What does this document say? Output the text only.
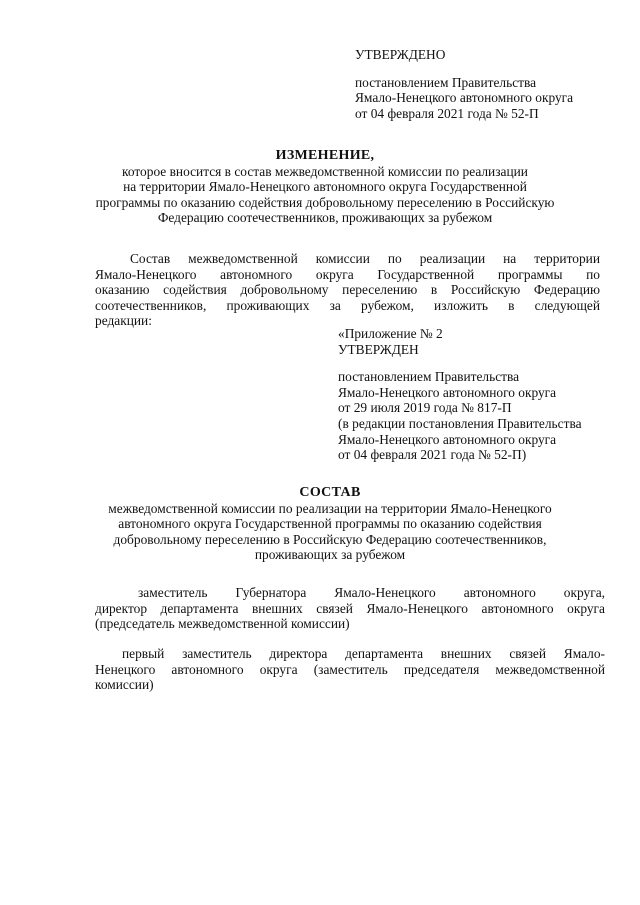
УТВЕРЖДЕНО
постановлением Правительства
Ямало-Ненецкого автономного округа
от 04 февраля 2021 года № 52-П
ИЗМЕНЕНИЕ,
которое вносится в состав межведомственной комиссии по реализации
на территории Ямало-Ненецкого автономного округа Государственной
программы по оказанию содействия добровольному переселению в Российскую
Федерацию соотечественников, проживающих за рубежом
Состав межведомственной комиссии по реализации на территории
Ямало-Ненецкого автономного округа Государственной программы по
оказанию содействия добровольному переселению в Российскую Федерацию
соотечественников, проживающих за рубежом, изложить в следующей
редакции:
«Приложение № 2
УТВЕРЖДЕН
постановлением Правительства
Ямало-Ненецкого автономного округа
от 29 июля 2019 года № 817-П
(в редакции постановления Правительства
Ямало-Ненецкого автономного округа
от 04 февраля 2021 года № 52-П)
СОСТАВ
межведомственной комиссии по реализации на территории Ямало-Ненецкого
автономного округа Государственной программы по оказанию содействия
добровольному переселению в Российскую Федерацию соотечественников,
проживающих за рубежом
заместитель Губернатора Ямало-Ненецкого автономного округа,
директор департамента внешних связей Ямало-Ненецкого автономного округа
(председатель межведомственной комиссии)
первый заместитель директора департамента внешних связей Ямало-
Ненецкого автономного округа (заместитель председателя межведомственной
комиссии)
